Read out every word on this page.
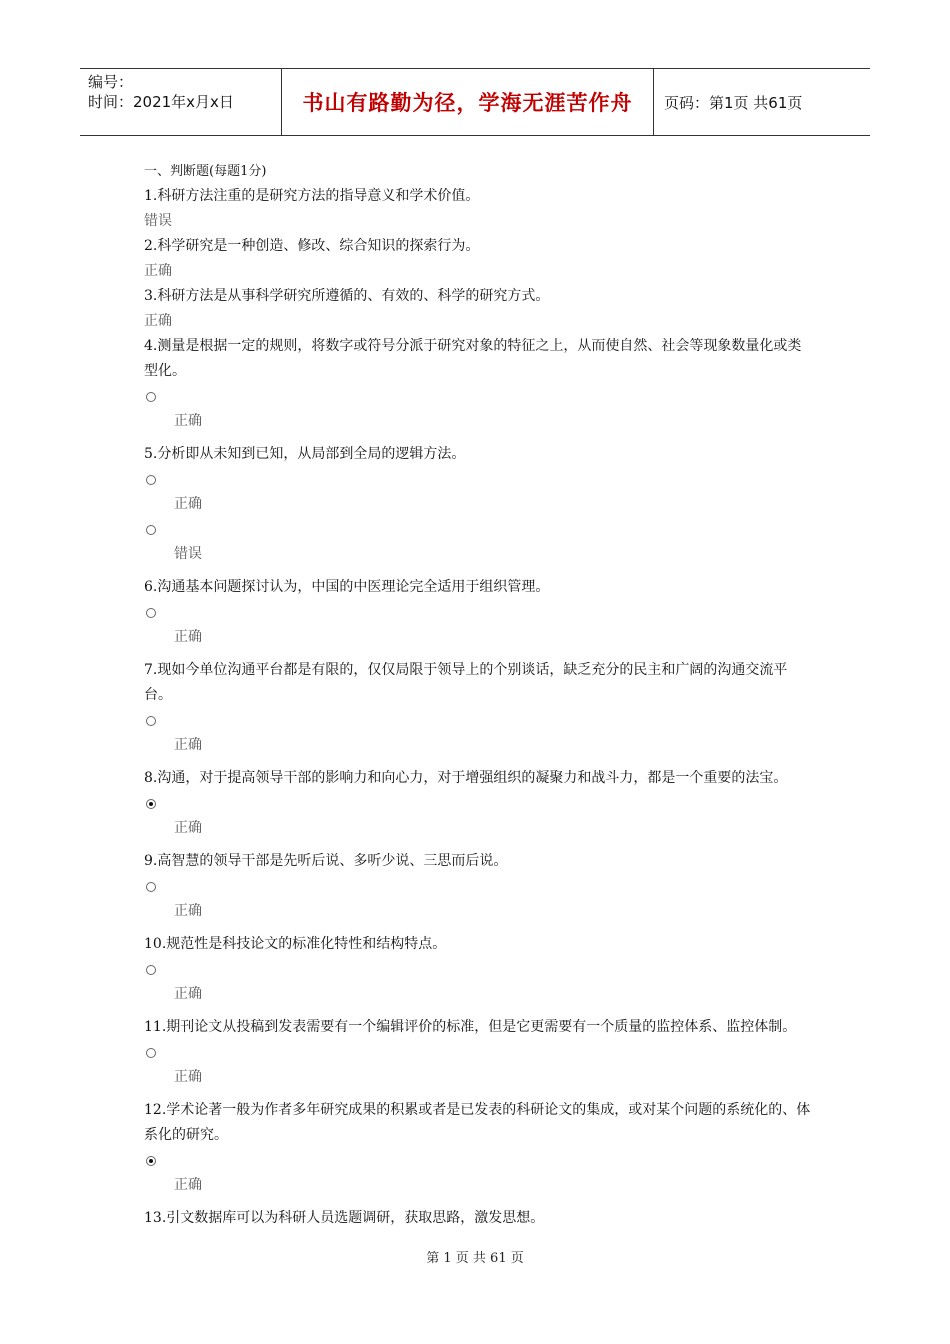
编号：
时间：2021年x月x日	书山有路勤为径，学海无涯苦作舟	页码：第1页 共61页
一、判断题(每题1分)
1.科研方法注重的是研究方法的指导意义和学术价值。
错误
2.科学研究是一种创造、修改、综合知识的探索行为。
正确
3.科研方法是从事科学研究所遵循的、有效的、科学的研究方式。
正确
4.测量是根据一定的规则，将数字或符号分派于研究对象的特征之上，从而使自然、社会等现象数量化或类型化。
正确
5.分析即从未知到已知，从局部到全局的逻辑方法。
正确
错误
6.沟通基本问题探讨认为，中国的中医理论完全适用于组织管理。
正确
7.现如今单位沟通平台都是有限的，仅仅局限于领导上的个别谈话，缺乏充分的民主和广阔的沟通交流平台。
正确
8.沟通，对于提高领导干部的影响力和向心力，对于增强组织的凝聚力和战斗力，都是一个重要的法宝。
正确
9.高智慧的领导干部是先听后说、多听少说、三思而后说。
正确
10.规范性是科技论文的标准化特性和结构特点。
正确
11.期刊论文从投稿到发表需要有一个编辑评价的标准，但是它更需要有一个质量的监控体系、监控体制。
正确
12.学术论著一般为作者多年研究成果的积累或者是已发表的科研论文的集成，或对某个问题的系统化的、体系化的研究。
正确
13.引文数据库可以为科研人员选题调研，获取思路，激发思想。
第 1 页 共 61 页
